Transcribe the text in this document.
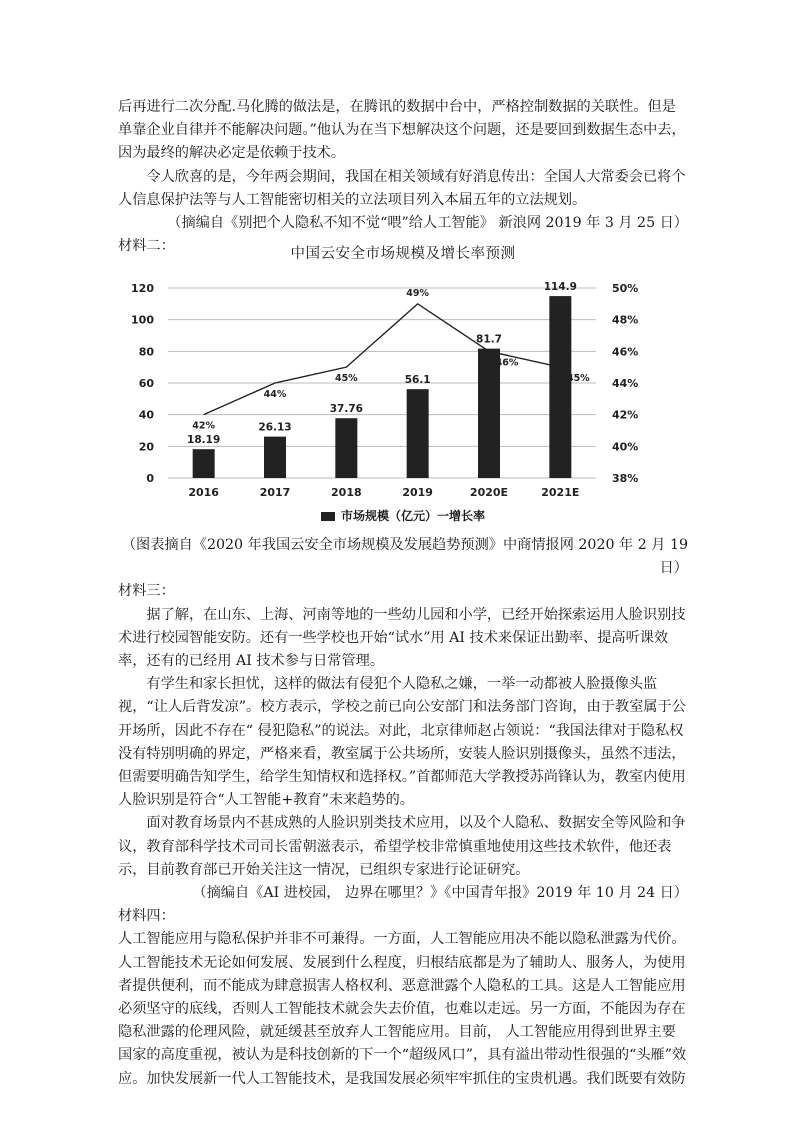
后再进行二次分配.马化腾的做法是，在腾讯的数据中台中，严格控制数据的关联性。但是单靠企业自律并不能解决问题。”他认为在当下想解决这个问题，还是要回到数据生态中去，因为最终的解决必定是依赖于技术。

令人欣喜的是，今年两会期间，我国在相关领域有好消息传出：全国人大常委会已将个人信息保护法等与人工智能密切相关的立法项目列入本届五年的立法规划。

（摘编自《别把个人隐私不知不觉“喂”给人工智能》 新浪网 2019 年 3 月 25 日）

材料二：	中国云安全市场规模及增长率预测
0
20
40
60
80
100
120
38%
40%
42%
44%
46%
48%
50%
18.19
26.13
37.76
56.1
81.7
114.9
42%
44%
45%
49%
46%
45%
2016	2017	2018	2019	2020E	2021E
市场规模（亿元）一增长率

（图表摘自《2020 年我国云安全市场规模及发展趋势预测》中商情报网 2020 年 2 月 19 日）

材料三：

据了解，在山东、上海、河南等地的一些幼儿园和小学，已经开始探索运用人脸识别技术进行校园智能安防。还有一些学校也开始“试水”用 AI 技术来保证出勤率、提高听课效率，还有的已经用 AI 技术参与日常管理。

有学生和家长担忧，这样的做法有侵犯个人隐私之嫌，一举一动都被人脸摄像头监视，“让人后背发凉”。校方表示，学校之前已向公安部门和法务部门咨询，由于教室属于公开场所，因此不存在“ 侵犯隐私”的说法。对此，北京律师赵占领说：“我国法律对于隐私权没有特别明确的界定，严格来看，教室属于公共场所，安装人脸识别摄像头，虽然不违法，但需要明确告知学生，给学生知情权和选择权。”首都师范大学教授苏尚锋认为，教室内使用人脸识别是符合“人工智能+教育”未来趋势的。

面对教育场景内不甚成熟的人脸识别类技术应用，以及个人隐私、数据安全等风险和争议，教育部科学技术司司长雷朝滋表示，希望学校非常慎重地使用这些技术软件，他还表示，目前教育部已开始关注这一情况，已组织专家进行论证研究。

（摘编自《AI 进校园， 边界在哪里？》《中国青年报》2019 年 10 月 24 日）

材料四：

人工智能应用与隐私保护并非不可兼得。一方面，人工智能应用决不能以隐私泄露为代价。人工智能技术无论如何发展、发展到什么程度，归根结底都是为了辅助人、服务人，为使用者提供便利，而不能成为肆意损害人格权利、恶意泄露个人隐私的工具。这是人工智能应用必须坚守的底线，否则人工智能技术就会失去价值，也难以走远。另一方面，不能因为存在隐私泄露的伦理风险，就延缓甚至放弃人工智能应用。目前， 人工智能应用得到世界主要国家的高度重视，被认为是科技创新的下一个“超级风口”，具有溢出带动性很强的“头雁”效应。加快发展新一代人工智能技术，是我国发展必须牢牢抓住的宝贵机遇。我们既要有效防
